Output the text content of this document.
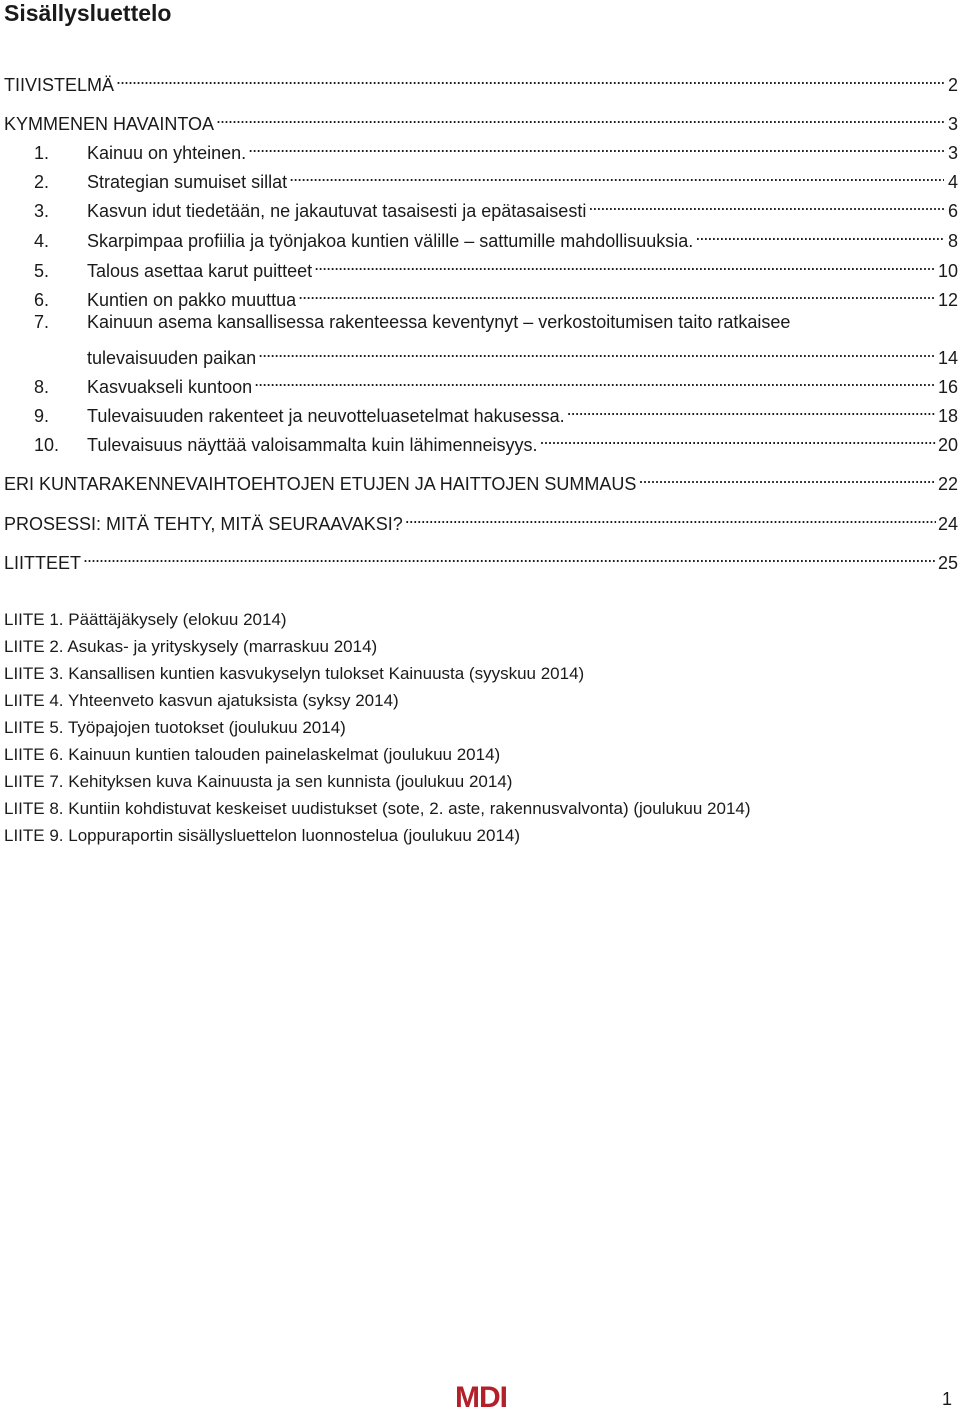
Sisällysluettelo
TIIVISTELMÄ . . .	2
KYMMENEN HAVAINTOA . . .	3
1.	Kainuu on yhteinen. . . .	3
2.	Strategian sumuiset sillat . . .	4
3.	Kasvun idut tiedetään, ne jakautuvat tasaisesti ja epätasaisesti . . .	6
4.	Skarpimpaa profiilia ja työnjakoa kuntien välille – sattumille mahdollisuuksia. . . .	8
5.	Talous asettaa karut puitteet . . .	10
6.	Kuntien on pakko muuttua . . .	12
7.	Kainuun asema kansallisessa rakenteessa keventynyt – verkostoitumisen taito ratkaisee
tulevaisuuden paikan . . .	14
8.	Kasvuakseli kuntoon . . .	16
9.	Tulevaisuuden rakenteet ja neuvotteluasetelmat hakusessa. . . .	18
10.	Tulevaisuus näyttää valoisammalta kuin lähimenneisyys. . . .	20
ERI KUNTARAKENNEVAIHTOEHTOJEN ETUJEN JA HAITTOJEN SUMMAUS . . .	22
PROSESSI: MITÄ TEHTY, MITÄ SEURAAVAKSI? . . .	24
LIITTEET . . .	25
LIITE 1. Päättäjäkysely (elokuu 2014)
LIITE 2. Asukas- ja yrityskysely (marraskuu 2014)
LIITE 3. Kansallisen kuntien kasvukyselyn tulokset Kainuusta (syyskuu 2014)
LIITE 4. Yhteenveto kasvun ajatuksista (syksy 2014)
LIITE 5. Työpajojen tuotokset (joulukuu 2014)
LIITE 6. Kainuun kuntien talouden painelaskelmat (joulukuu 2014)
LIITE 7. Kehityksen kuva Kainuusta ja sen kunnista (joulukuu 2014)
LIITE 8. Kuntiin kohdistuvat keskeiset uudistukset (sote, 2. aste, rakennusvalvonta) (joulukuu 2014)
LIITE 9. Loppuraportin sisällysluettelon luonnostelua (joulukuu 2014)
MDI	1
